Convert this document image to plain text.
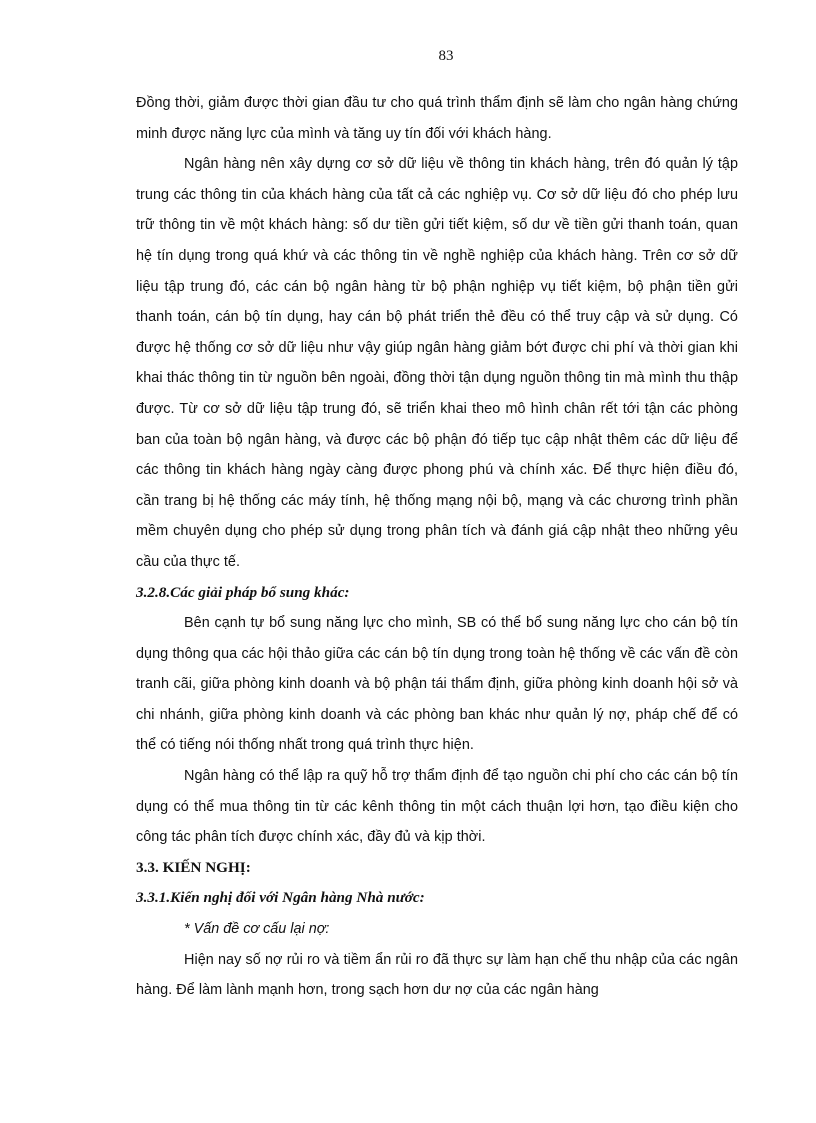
83

Đồng thời, giảm được thời gian đầu tư cho quá trình thẩm định sẽ làm cho ngân hàng chứng minh được năng lực của mình và tăng uy tín đối với khách hàng.

Ngân hàng nên xây dựng cơ sở dữ liệu về thông tin khách hàng, trên đó quản lý tập trung các thông tin của khách hàng của tất cả các nghiệp vụ. Cơ sở dữ liệu đó cho phép lưu trữ thông tin về một khách hàng: số dư tiền gửi tiết kiệm, số dư về tiền gửi thanh toán, quan hệ tín dụng trong quá khứ và các thông tin về nghề nghiệp của khách hàng. Trên cơ sở dữ liệu tập trung đó, các cán bộ ngân hàng từ bộ phận nghiệp vụ tiết kiệm, bộ phận tiền gửi thanh toán, cán bộ tín dụng, hay cán bộ phát triển thẻ đều có thể truy cập và sử dụng. Có được hệ thống cơ sở dữ liệu như vậy giúp ngân hàng giảm bớt được chi phí và thời gian khi khai thác thông tin từ nguồn bên ngoài, đồng thời tận dụng nguồn thông tin mà mình thu thập được. Từ cơ sở dữ liệu tập trung đó, sẽ triển khai theo mô hình chân rết tới tận các phòng ban của toàn bộ ngân hàng, và được các bộ phận đó tiếp tục cập nhật thêm các dữ liệu để các thông tin khách hàng ngày càng được phong phú và chính xác. Để thực hiện điều đó, cần trang bị hệ thống các máy tính, hệ thống mạng nội bộ, mạng và các chương trình phần mềm chuyên dụng cho phép sử dụng trong phân tích và đánh giá cập nhật theo những yêu cầu của thực tế.

3.2.8.Các giải pháp bổ sung khác:

Bên cạnh tự bổ sung năng lực cho mình, SB có thể bổ sung năng lực cho cán bộ tín dụng thông qua các hội thảo giữa các cán bộ tín dụng trong toàn hệ thống về các vấn đề còn tranh cãi, giữa phòng kinh doanh và bộ phận tái thẩm định, giữa phòng kinh doanh hội sở và chi nhánh, giữa phòng kinh doanh và các phòng ban khác như quản lý nợ, pháp chế để có thể có tiếng nói thống nhất trong quá trình thực hiện.

Ngân hàng có thể lập ra quỹ hỗ trợ thẩm định để tạo nguồn chi phí cho các cán bộ tín dụng có thể mua thông tin từ các kênh thông tin một cách thuận lợi hơn, tạo điều kiện cho công tác phân tích được chính xác, đầy đủ và kịp thời.

3.3. KIẾN NGHỊ:

3.3.1.Kiến nghị đối với Ngân hàng Nhà nước:

* Vấn đề cơ cấu lại nợ:

Hiện nay số nợ rủi ro và tiềm ẩn rủi ro đã thực sự làm hạn chế thu nhập của các ngân hàng. Để làm lành mạnh hơn, trong sạch hơn dư nợ của các ngân hàng
